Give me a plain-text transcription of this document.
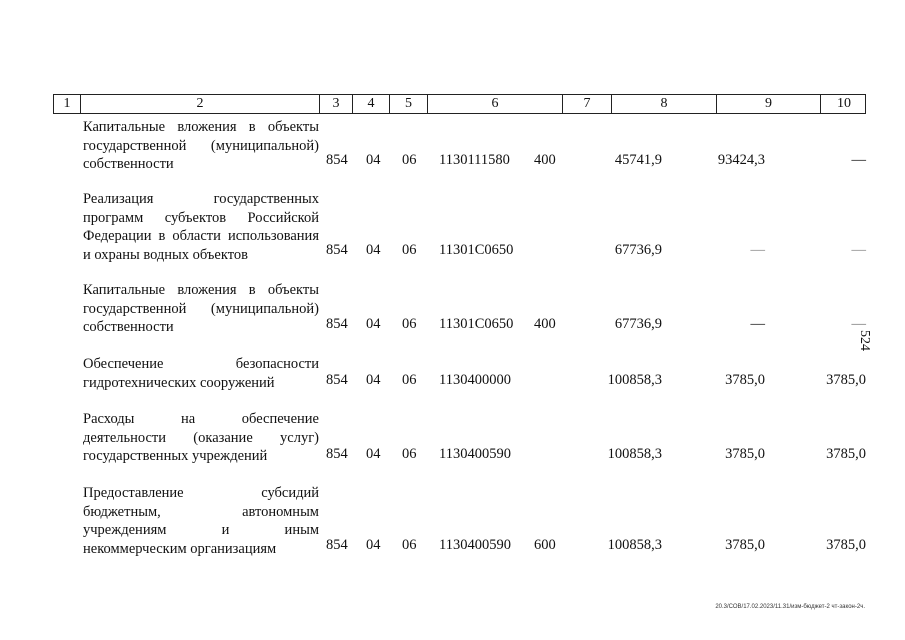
1	2	3	4	5	6	7	8	9	10
Капитальные вложения в объекты государственной (муниципальной) собственности	854 04 06 1130111580 400	45741,9	93424,3	—
Реализация государственных программ субъектов Российской Федерации в области использования и охраны водных объектов	854 04 06 11301С0650	67736,9	—	—
Капитальные вложения в объекты государственной (муниципальной) собственности	854 04 06 11301С0650 400	67736,9	—	—
Обеспечение безопасности гидротехнических сооружений	854 04 06 1130400000	100858,3	3785,0	3785,0
Расходы на обеспечение деятельности (оказание услуг) государственных учреждений	854 04 06 1130400590	100858,3	3785,0	3785,0
Предоставление субсидий бюджетным, автономным учреждениям и иным некоммерческим организациям	854 04 06 1130400590 600	100858,3	3785,0	3785,0
524
20.3/СОВ/17.02.2023/11.31/изм-бюджет-2 чт-закон-2ч.
